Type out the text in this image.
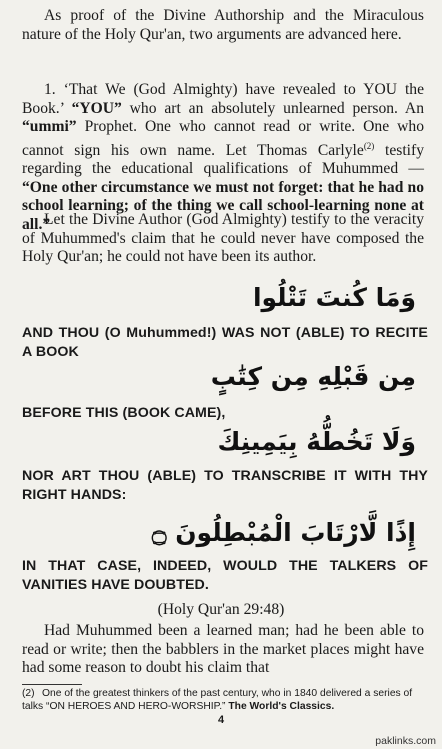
As proof of the Divine Authorship and the Miraculous nature of the Holy Qur'an, two arguments are advanced here.
1. ‘That We (God Almighty) have revealed to YOU the Book.’ “YOU” who art an absolutely unlearned person. An “ummi” Prophet. One who cannot read or write. One who cannot sign his own name. Let Thomas Carlyle$^{(2)}$ testify regarding the educational qualifications of Muhummed — “One other circumstance we must not forget: that he had no school learning; of the thing we call school-learning none at all.”
Let the Divine Author (God Almighty) testify to the veracity of Muhummed's claim that he could never have composed the Holy Qur'an; he could not have been its author.
وَمَا كُنتَ تَتْلُوا
AND THOU (O Muhummed!) WAS NOT (ABLE) TO RECITE A BOOK
مِن قَبْلِهِ مِن كِتَٰبٍ
BEFORE THIS (BOOK CAME),
وَلَا تَخُطُّهُ بِيَمِينِكَ
NOR ART THOU (ABLE) TO TRANSCRIBE IT WITH THY RIGHT HANDS:
إِذًا لَّارْتَابَ الْمُبْطِلُونَ ۝
IN THAT CASE, INDEED, WOULD THE TALKERS OF VANITIES HAVE DOUBTED.
(Holy Qur'an 29:48)
Had Muhummed been a learned man; had he been able to read or write; then the babblers in the market places might have had some reason to doubt his claim that
(2) One of the greatest thinkers of the past century, who in 1840 delivered a series of talks “ON HEROES AND HERO-WORSHIP.” The World's Classics.
4
paklinks.com
